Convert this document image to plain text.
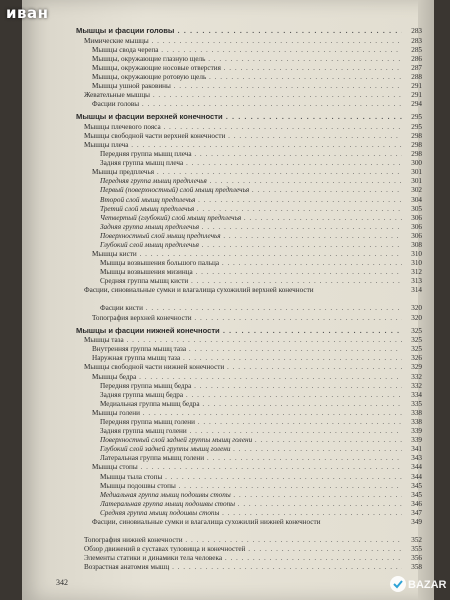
Мышцы и фасции головы . . .	283
Мимические мышцы . . .	283
Мышцы свода черепа . . .	285
Мышцы, окружающие глазную щель . . .	286
Мышцы, окружающие носовые отверстия . . .	287
Мышцы, окружающие ротовую щель . . .	288
Мышцы ушной раковины . . .	291
Жевательные мышцы . . .	291
Фасции головы . . .	294
Мышцы и фасции верхней конечности . . .	295
Мышцы плечевого пояса . . .	295
Мышцы свободной части верхней конечности . . .	298
Мышцы плеча . . .	298
Передняя группа мышц плеча . . .	298
Задняя группа мышц плеча . . .	300
Мышцы предплечья . . .	301
Передняя группа мышц предплечья . . .	301
Первый (поверхностный) слой мышц предплечья . . .	302
Второй слой мышц предплечья . . .	304
Третий слой мышц предплечья . . .	305
Четвертый (глубокий) слой мышц предплечья . . .	306
Задняя группа мышц предплечья . . .	306
Поверхностный слой мышц предплечья . . .	306
Глубокий слой мышц предплечья . . .	308
Мышцы кисти . . .	310
Мышцы возвышения большого пальца . . .	310
Мышцы возвышения мизинца . . .	312
Средняя группа мышц кисти . . .	313
Фасции, синовиальные сумки и влагалища сухожилий верхней конечности	314
Фасции кисти . . .	320
Топография верхней конечности . . .	320
Мышцы и фасции нижней конечности . . .	325
Мышцы таза . . .	325
Внутренняя группа мышц таза . . .	325
Наружная группа мышц таза . . .	326
Мышцы свободной части нижней конечности . . .	329
Мышцы бедра . . .	332
Передняя группа мышц бедра . . .	332
Задняя группа мышц бедра . . .	334
Медиальная группа мышц бедра . . .	335
Мышцы голени . . .	338
Передняя группа мышц голени . . .	338
Задняя группа мышц голени . . .	339
Поверхностный слой задней группы мышц голени . . .	339
Глубокий слой задней группы мышц голени . . .	341
Латеральная группа мышц голени . . .	343
Мышцы стопы . . .	344
Мышцы тыла стопы . . .	344
Мышцы подошвы стопы . . .	345
Медиальная группа мышц подошвы стопы . . .	345
Латеральная группа мышц подошвы стопы . . .	346
Средняя группа мышц подошвы стопы . . .	347
Фасции, синовиальные сумки и влагалища сухожилий нижней конечности	349
Топография нижней конечности . . .	352
Обзор движений в суставах туловища и конечностей . . .	355
Элементы статики и динамики тела человека . . .	356
Возрастная анатомия мышц . . .	358
342
иван
BAZAR
